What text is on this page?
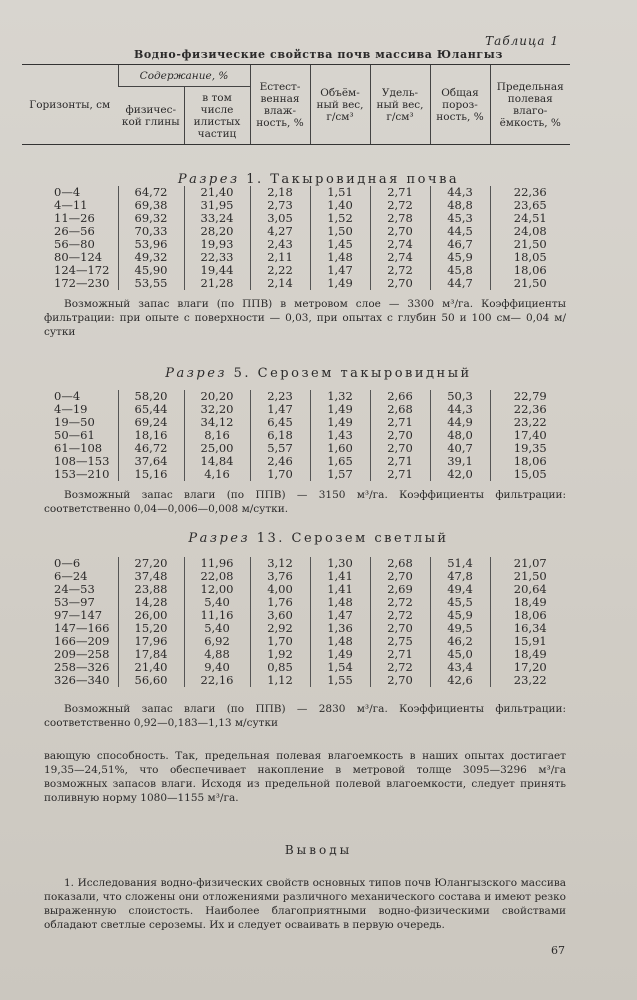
Таблица 1
Водно-физические свойства почв массива Юлангыз
Горизонты, см	Содержание, %		Естест-венная влаж-ность, %	Объём-ный вес, г/см³	Удель-ный вес, г/см³	Общая порoз-ность, %	Предельная полевая влаго-ёмкость, %
	физичес-кой глины	в том числе илистых частиц					
Разрез 1. Такыровидная почва
0—4	64,72	21,40	2,18	1,51	2,71	44,3	22,36
4—11	69,38	31,95	2,73	1,40	2,72	48,8	23,65
11—26	69,32	33,24	3,05	1,52	2,78	45,3	24,51
26—56	70,33	28,20	4,27	1,50	2,70	44,5	24,08
56—80	53,96	19,93	2,43	1,45	2,74	46,7	21,50
80—124	49,32	22,33	2,11	1,48	2,74	45,9	18,05
124—172	45,90	19,44	2,22	1,47	2,72	45,8	18,06
172—230	53,55	21,28	2,14	1,49	2,70	44,7	21,50
Возможный запас влаги (по ППВ) в метровом слое — 3300 м³/га. Коэффициенты фильтрации: при опыте с поверхности — 0,03, при опытах с глубин 50 и 100 см— 0,04 м/сутки
Разрез 5. Серозем такыровидный
0—4	58,20	20,20	2,23	1,32	2,66	50,3	22,79
4—19	65,44	32,20	1,47	1,49	2,68	44,3	22,36
19—50	69,24	34,12	6,45	1,49	2,71	44,9	23,22
50—61	18,16	8,16	6,18	1,43	2,70	48,0	17,40
61—108	46,72	25,00	5,57	1,60	2,70	40,7	19,35
108—153	37,64	14,84	2,46	1,65	2,71	39,1	18,06
153—210	15,16	4,16	1,70	1,57	2,71	42,0	15,05
Возможный запас влаги (по ППВ) — 3150 м³/га. Коэффициенты фильтрации: соответственно 0,04—0,006—0,008 м/сутки.
Разрез 13. Серозем светлый
0—6	27,20	11,96	3,12	1,30	2,68	51,4	21,07
6—24	37,48	22,08	3,76	1,41	2,70	47,8	21,50
24—53	23,88	12,00	4,00	1,41	2,69	49,4	20,64
53—97	14,28	5,40	1,76	1,48	2,72	45,5	18,49
97—147	26,00	11,16	3,60	1,47	2,72	45,9	18,06
147—166	15,20	5,40	2,92	1,36	2,70	49,5	16,34
166—209	17,96	6,92	1,70	1,48	2,75	46,2	15,91
209—258	17,84	4,88	1,92	1,49	2,71	45,0	18,49
258—326	21,40	9,40	0,85	1,54	2,72	43,4	17,20
326—340	56,60	22,16	1,12	1,55	2,70	42,6	23,22
Возможный запас влаги (по ППВ) — 2830 м³/га. Коэффициенты фильтрации: соответственно 0,92—0,183—1,13 м/сутки
вающую способность. Так, предельная полевая влагоемкость в наших опытах достигает 19,35—24,51%, что обеспечивает накопление в метровой толще 3095—3296 м³/га возможных запасов влаги. Исходя из предельной полевой влагоемкости, следует принять поливную норму 1080—1155 м³/га.
Выводы
1. Исследования водно-физических свойств основных типов почв Юлангызского массива показали, что сложены они отложениями различного механического состава и имеют резко выраженную слоистость. Наиболее благоприятными водно-физическими свойствами обладают светлые сероземы. Их и следует осваивать в первую очередь.
67
